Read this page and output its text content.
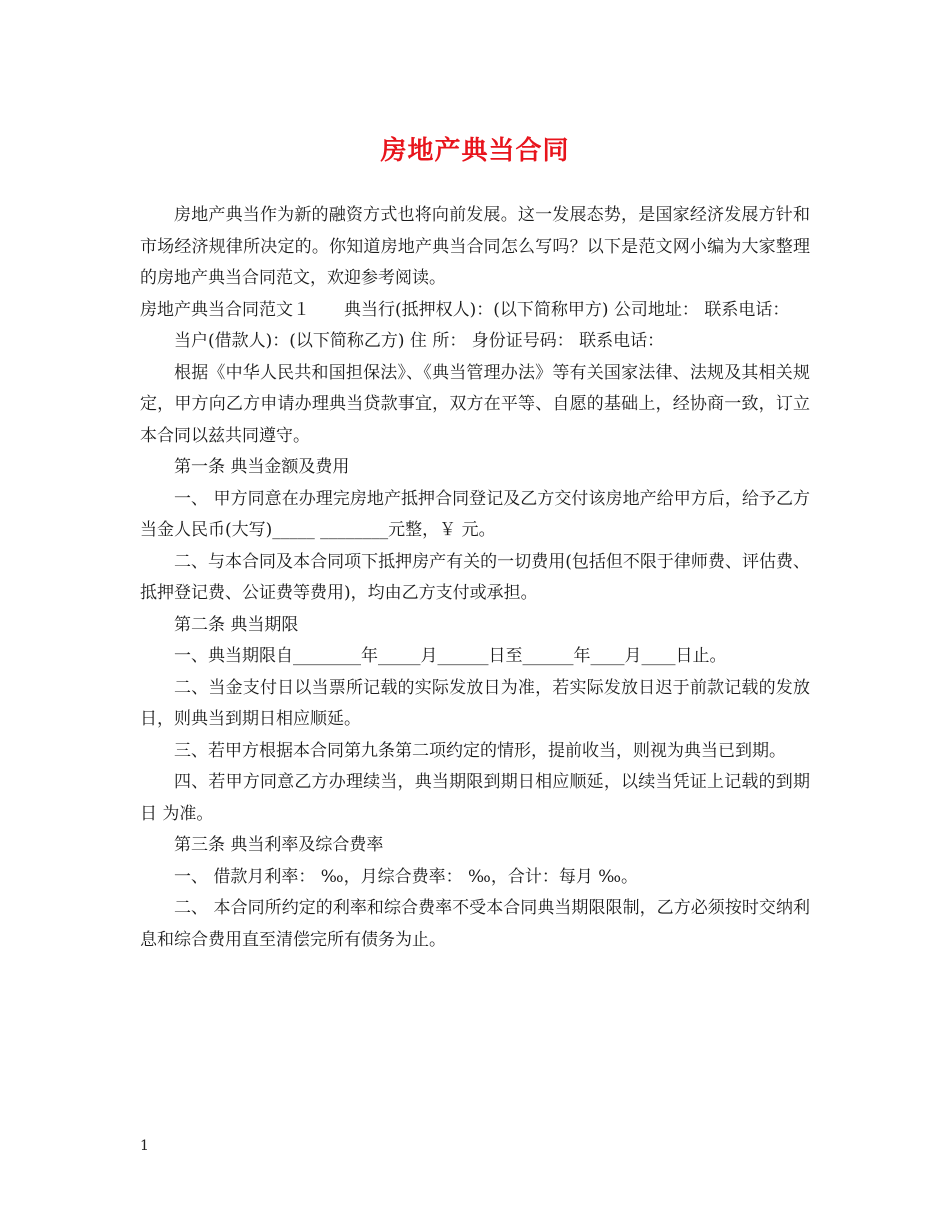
房地产典当合同

房地产典当作为新的融资方式也将向前发展。这一发展态势，是国家经济发展方针和市场经济规律所决定的。你知道房地产典当合同怎么写吗？以下是范文网小编为大家整理的房地产典当合同范文，欢迎参考阅读。

房地产典当合同范文１　　典当行(抵押权人)：(以下简称甲方) 公司地址： 联系电话：

当户(借款人)：(以下简称乙方) 住 所： 身份证号码： 联系电话：

根据《中华人民共和国担保法》、《典当管理办法》等有关国家法律、法规及其相关规定，甲方向乙方申请办理典当贷款事宜，双方在平等、自愿的基础上，经协商一致，订立本合同以兹共同遵守。

第一条 典当金额及费用

一、 甲方同意在办理完房地产抵押合同登记及乙方交付该房地产给甲方后，给予乙方当金人民币(大写)_____ ________元整，￥ 元。

二、与本合同及本合同项下抵押房产有关的一切费用(包括但不限于律师费、评估费、抵押登记费、公证费等费用)，均由乙方支付或承担。

第二条 典当期限

一、典当期限自________年_____月______日至______年____月____日止。

二、当金支付日以当票所记载的实际发放日为准，若实际发放日迟于前款记载的发放日，则典当到期日相应顺延。

三、若甲方根据本合同第九条第二项约定的情形，提前收当，则视为典当已到期。

四、若甲方同意乙方办理续当，典当期限到期日相应顺延，以续当凭证上记载的到期日 为准。

第三条 典当利率及综合费率

一、 借款月利率： ‰，月综合费率： ‰，合计：每月 ‰。

二、 本合同所约定的利率和综合费率不受本合同典当期限限制，乙方必须按时交纳利息和综合费用直至清偿完所有债务为止。

1
